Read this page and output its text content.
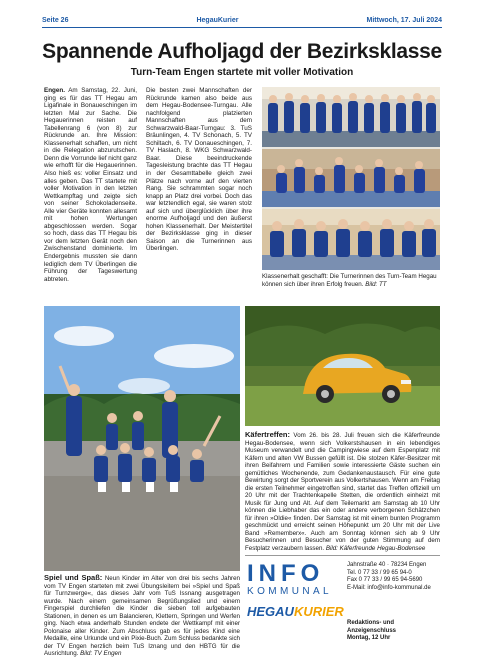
Seite 26	HegauKurier	Mittwoch, 17. Juli 2024
Spannende Aufholjagd der Bezirksklasse
Turn-Team Engen startete mit voller Motivation
Engen. Am Samstag, 22. Juni, ging es für das TT Hegau am Ligafinale in Bonaueschingen im letzten Mal zur Sache. Die Hegauerinnen reisten auf Tabellenrang 6 (von 8) zur Rückrunde an. Ihre Mission: Klassenerhalt schaffen, um nicht in die Relegation abzurutschen. Denn die Vorrunde lief nicht ganz wie erhofft für die Hegauerinnen. Also hieß es: voller Einsatz und alles geben. Das TT startete mit voller Motivation in den letzten Wettkampftag und zeigte sich von seiner Schokoladenseite. Alle vier Geräte konnten allesamt mit hohen Wertungen abgeschlossen werden. Sogar so hoch, dass das TT Hegau bis vor dem letzten Gerät noch den Zwischenstand dominierte. Im Endergebnis mussten sie dann lediglich dem TV Überlingen die Führung der Tageswertung abtreten.
Die besten zwei Mannschaften der Rückrunde kamen also beide aus dem Hegau-Bodensee-Turngau. Alle nachfolgend platzierten Mannschaften aus dem Schwarzwald-Baar-Turngau: 3. TuS Bräunlingen, 4. TV Schonach, 5. TV Schiltach, 6. TV Donaueschingen, 7. TV Haslach, 8. WKG Schwarzwald-Baar. Diese beeindruckende Tagesleistung brachte das TT Hegau in der Gesamttabelle gleich zwei Plätze nach vorne auf den vierten Rang. Sie schrammten sogar noch knapp an Platz drei vorbei. Doch das war letztendlich egal, sie waren stolz auf sich und überglücklich über ihre enorme Aufholjagd und den äußerst hohen Klassenerhalt. Der Meistertitel der Bezirksklasse ging in dieser Saison an die Turnerinnen aus Überlingen.
Klassenerhalt geschafft: Die Turnerinnen des Turn-Team Hegau können sich über ihren Erfolg freuen. Bild: TT
Käfertreffen: Vom 26. bis 28. Juli freuen sich die Käferfreunde Hegau-Bodensee, wenn sich Volkerstshausen in ein lebendiges Museum verwandelt und die Campingwiese auf dem Espenplatz mit Käfern und alten VW Bussen gefüllt ist. Die stolzen Käfer-Besitzer mit ihren Beifahrern und Familien sowie interessierte Gäste suchen ein gemütliches Wochenende, zum Gedankenaustausch. Für eine gute Bewirtung sorgt der Sportverein aus Volkertshausen. Wenn am Freitag die ersten Teilnehmer eingetroffen sind, startet das Treffen offiziell um 20 Uhr mit der Trachtenkapelle Stetten, die ordentlich einheizt mit Musik für Jung und Alt. Auf dem Teilemarkt am Samstag ab 10 Uhr können die Liebhaber das ein oder andere verborgenen Schätzchen für ihren »Oldie« finden. Der Samstag ist mit einem bunten Programm geschmückt und erreicht seinen Höhepunkt um 20 Uhr mit der Live Band »Rememberx«. Auch am Sonntag können sich ab 9 Uhr Besucherinnen und Besucher von der guten Stimmung auf dem Festplatz verzaubern lassen. Bild: Käferfreunde Hegau-Bodensee
Spiel und Spaß: Neun Kinder im Alter von drei bis sechs Jahren vom TV Engen starteten mit zwei Übungsleitern bei »Spiel und Spaß für Turnzwerge«, das dieses Jahr vom TuS Issnang ausgetragen wurde. Nach einem gemeinsamen Begrüßungslied und einem Fingerspiel durchliefen die Kinder die sieben toll aufgebauten Stationen, in denen es um Balancieren, Klettern, Springen und Werfen ging. Nach etwa anderhalb Stunden endete der Wettkampf mit einer Polonaise aller Kinder. Zum Abschluss gab es für jedes Kind eine Medaille, eine Urkunde und ein Pixie-Buch. Zum Schluss bedankte sich der TV Engen herzlich beim TuS Iznang und den HBTG für die Ausrichtung. Bild: TV Engen
INFO
KOMMUNAL
HEGAU KURIER
Jahnstraße 40 · 78234 Engen
Tel. 0 77 33 / 99 65 94-0
Fax 0 77 33 / 99 65 94-5690
E-Mail: info@info-kommunal.de
Redaktions- und Anzeigenschluss
Montag, 12 Uhr
